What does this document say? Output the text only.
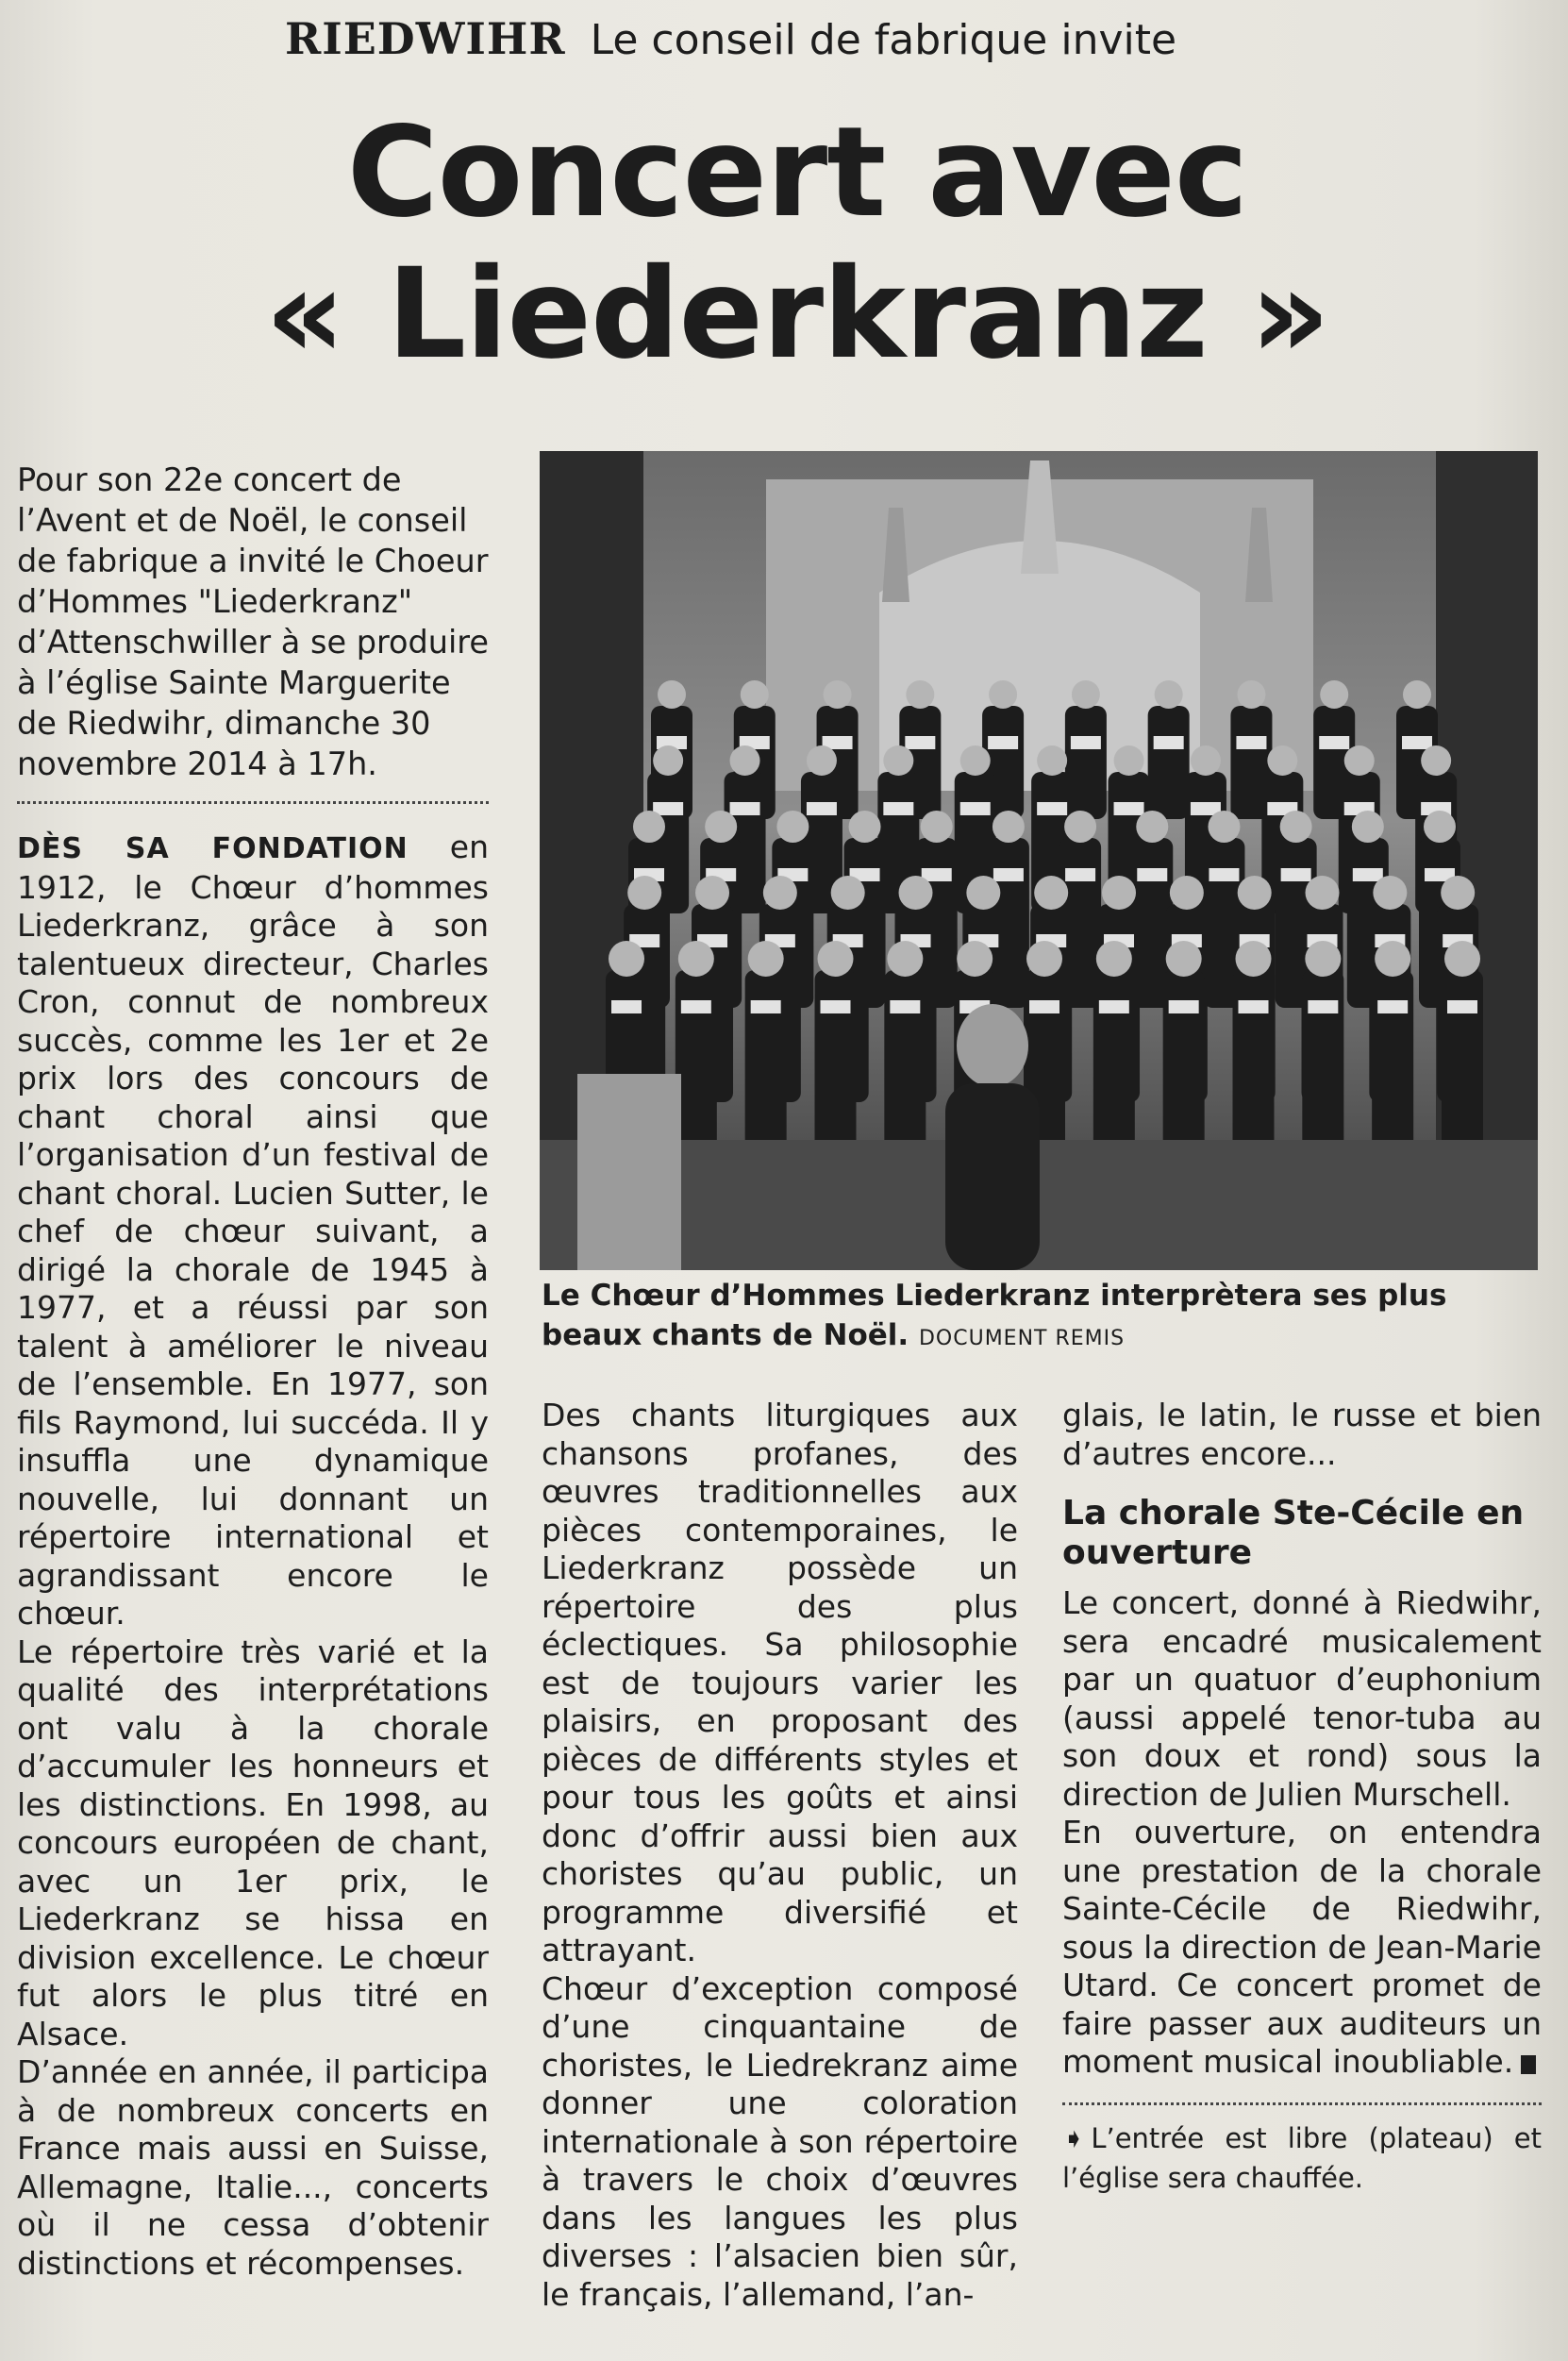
RIEDWIHR Le conseil de fabrique invite
Concert avec
« Liederkranz »

Pour son 22e concert de l’Avent et de Noël, le conseil de fabrique a invité le Choeur d’Hommes "Liederkranz" d’Attenschwiller à se produire à l’église Sainte Marguerite de Riedwihr, dimanche 30 novembre 2014 à 17h.

DÈS SA FONDATION en 1912, le Chœur d’hommes Liederkranz, grâce à son talentueux directeur, Charles Cron, connut de nombreux succès, comme les 1er et 2e prix lors des concours de chant choral ainsi que l’organisation d’un festival de chant choral. Lucien Sutter, le chef de chœur suivant, a dirigé la chorale de 1945 à 1977, et a réussi par son talent à améliorer le niveau de l’ensemble. En 1977, son fils Raymond, lui succéda. Il y insuffla une dynamique nouvelle, lui donnant un répertoire international et agrandissant encore le chœur.

Le répertoire très varié et la qualité des interprétations ont valu à la chorale d’accumuler les honneurs et les distinctions. En 1998, au concours européen de chant, avec un 1er prix, le Liederkranz se hissa en division excellence. Le chœur fut alors le plus titré en Alsace.

D’année en année, il participa à de nombreux concerts en France mais aussi en Suisse, Allemagne, Italie..., concerts où il ne cessa d’obtenir distinctions et récompenses.

Le Chœur d’Hommes Liederkranz interprètera ses plus beaux chants de Noël. DOCUMENT REMIS

Des chants liturgiques aux chansons profanes, des œuvres traditionnelles aux pièces contemporaines, le Liederkranz possède un répertoire des plus éclectiques. Sa philosophie est de toujours varier les plaisirs, en proposant des pièces de différents styles et pour tous les goûts et ainsi donc d’offrir aussi bien aux choristes qu’au public, un programme diversifié et attrayant.

Chœur d’exception composé d’une cinquantaine de choristes, le Liedrekranz aime donner une coloration internationale à son répertoire à travers le choix d’œuvres dans les langues les plus diverses : l’alsacien bien sûr, le français, l’allemand, l’an-

glais, le latin, le russe et bien d’autres encore...

La chorale Ste-Cécile en ouverture

Le concert, donné à Riedwihr, sera encadré musicalement par un quatuor d’euphonium (aussi appelé tenor-tuba au son doux et rond) sous la direction de Julien Murschell.

En ouverture, on entendra une prestation de la chorale Sainte-Cécile de Riedwihr, sous la direction de Jean-Marie Utard. Ce concert promet de faire passer aux auditeurs un moment musical inoubliable.

➧ L’entrée est libre (plateau) et l’église sera chauffée.
